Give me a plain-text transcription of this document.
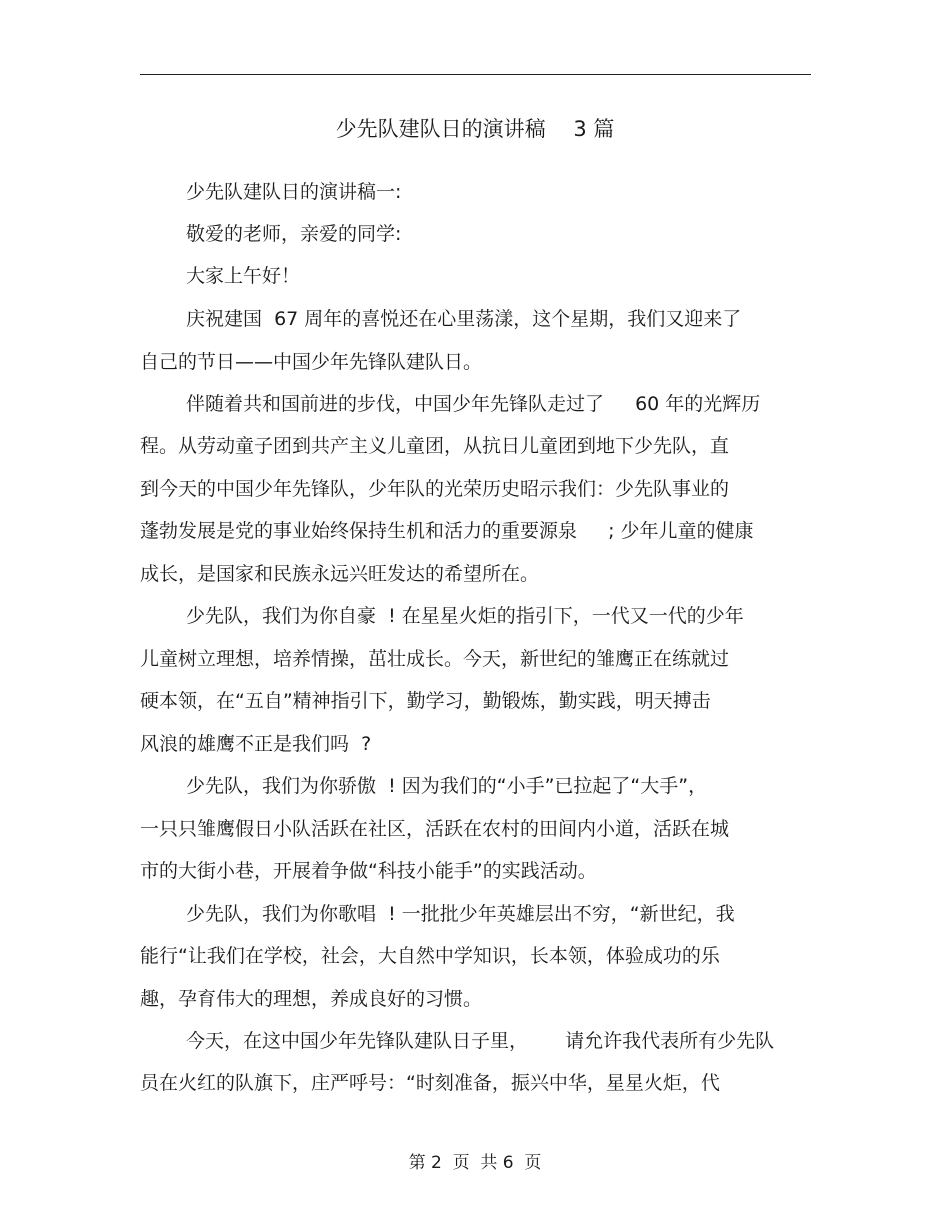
少先队建队日的演讲稿　 3 篇
少先队建队日的演讲稿一:
敬爱的老师，亲爱的同学:
大家上午好！
庆祝建国  67 周年的喜悦还在心里荡漾，这个星期，我们又迎来了
自己的节日——中国少年先锋队建队日。
伴随着共和国前进的步伐，中国少年先锋队走过了 　 60 年的光辉历
程。从劳动童子团到共产主义儿童团，从抗日儿童团到地下少先队，直
到今天的中国少年先锋队，少年队的光荣历史昭示我们：少先队事业的
蓬勃发展是党的事业始终保持生机和活力的重要源泉 　 ; 少年儿童的健康
成长，是国家和民族永远兴旺发达的希望所在。
少先队，我们为你自豪  ! 在星星火炬的指引下，一代又一代的少年
儿童树立理想，培养情操，茁壮成长。今天，新世纪的雏鹰正在练就过
硬本领，在“五自”精神指引下，勤学习，勤锻炼，勤实践，明天搏击
风浪的雄鹰不正是我们吗  ?
少先队，我们为你骄傲  ! 因为我们的“小手”已拉起了“大手”，
一只只雏鹰假日小队活跃在社区，活跃在农村的田间内小道，活跃在城
市的大街小巷，开展着争做“科技小能手”的实践活动。
少先队，我们为你歌唱  ! 一批批少年英雄层出不穷，“新世纪，我
能行“让我们在学校，社会，大自然中学知识，长本领，体验成功的乐
趣，孕育伟大的理想，养成良好的习惯。
今天，在这中国少年先锋队建队日子里，  　 请允许我代表所有少先队
员在火红的队旗下，庄严呼号：“时刻准备，振兴中华，星星火炬，代
第 2  页  共 6  页
